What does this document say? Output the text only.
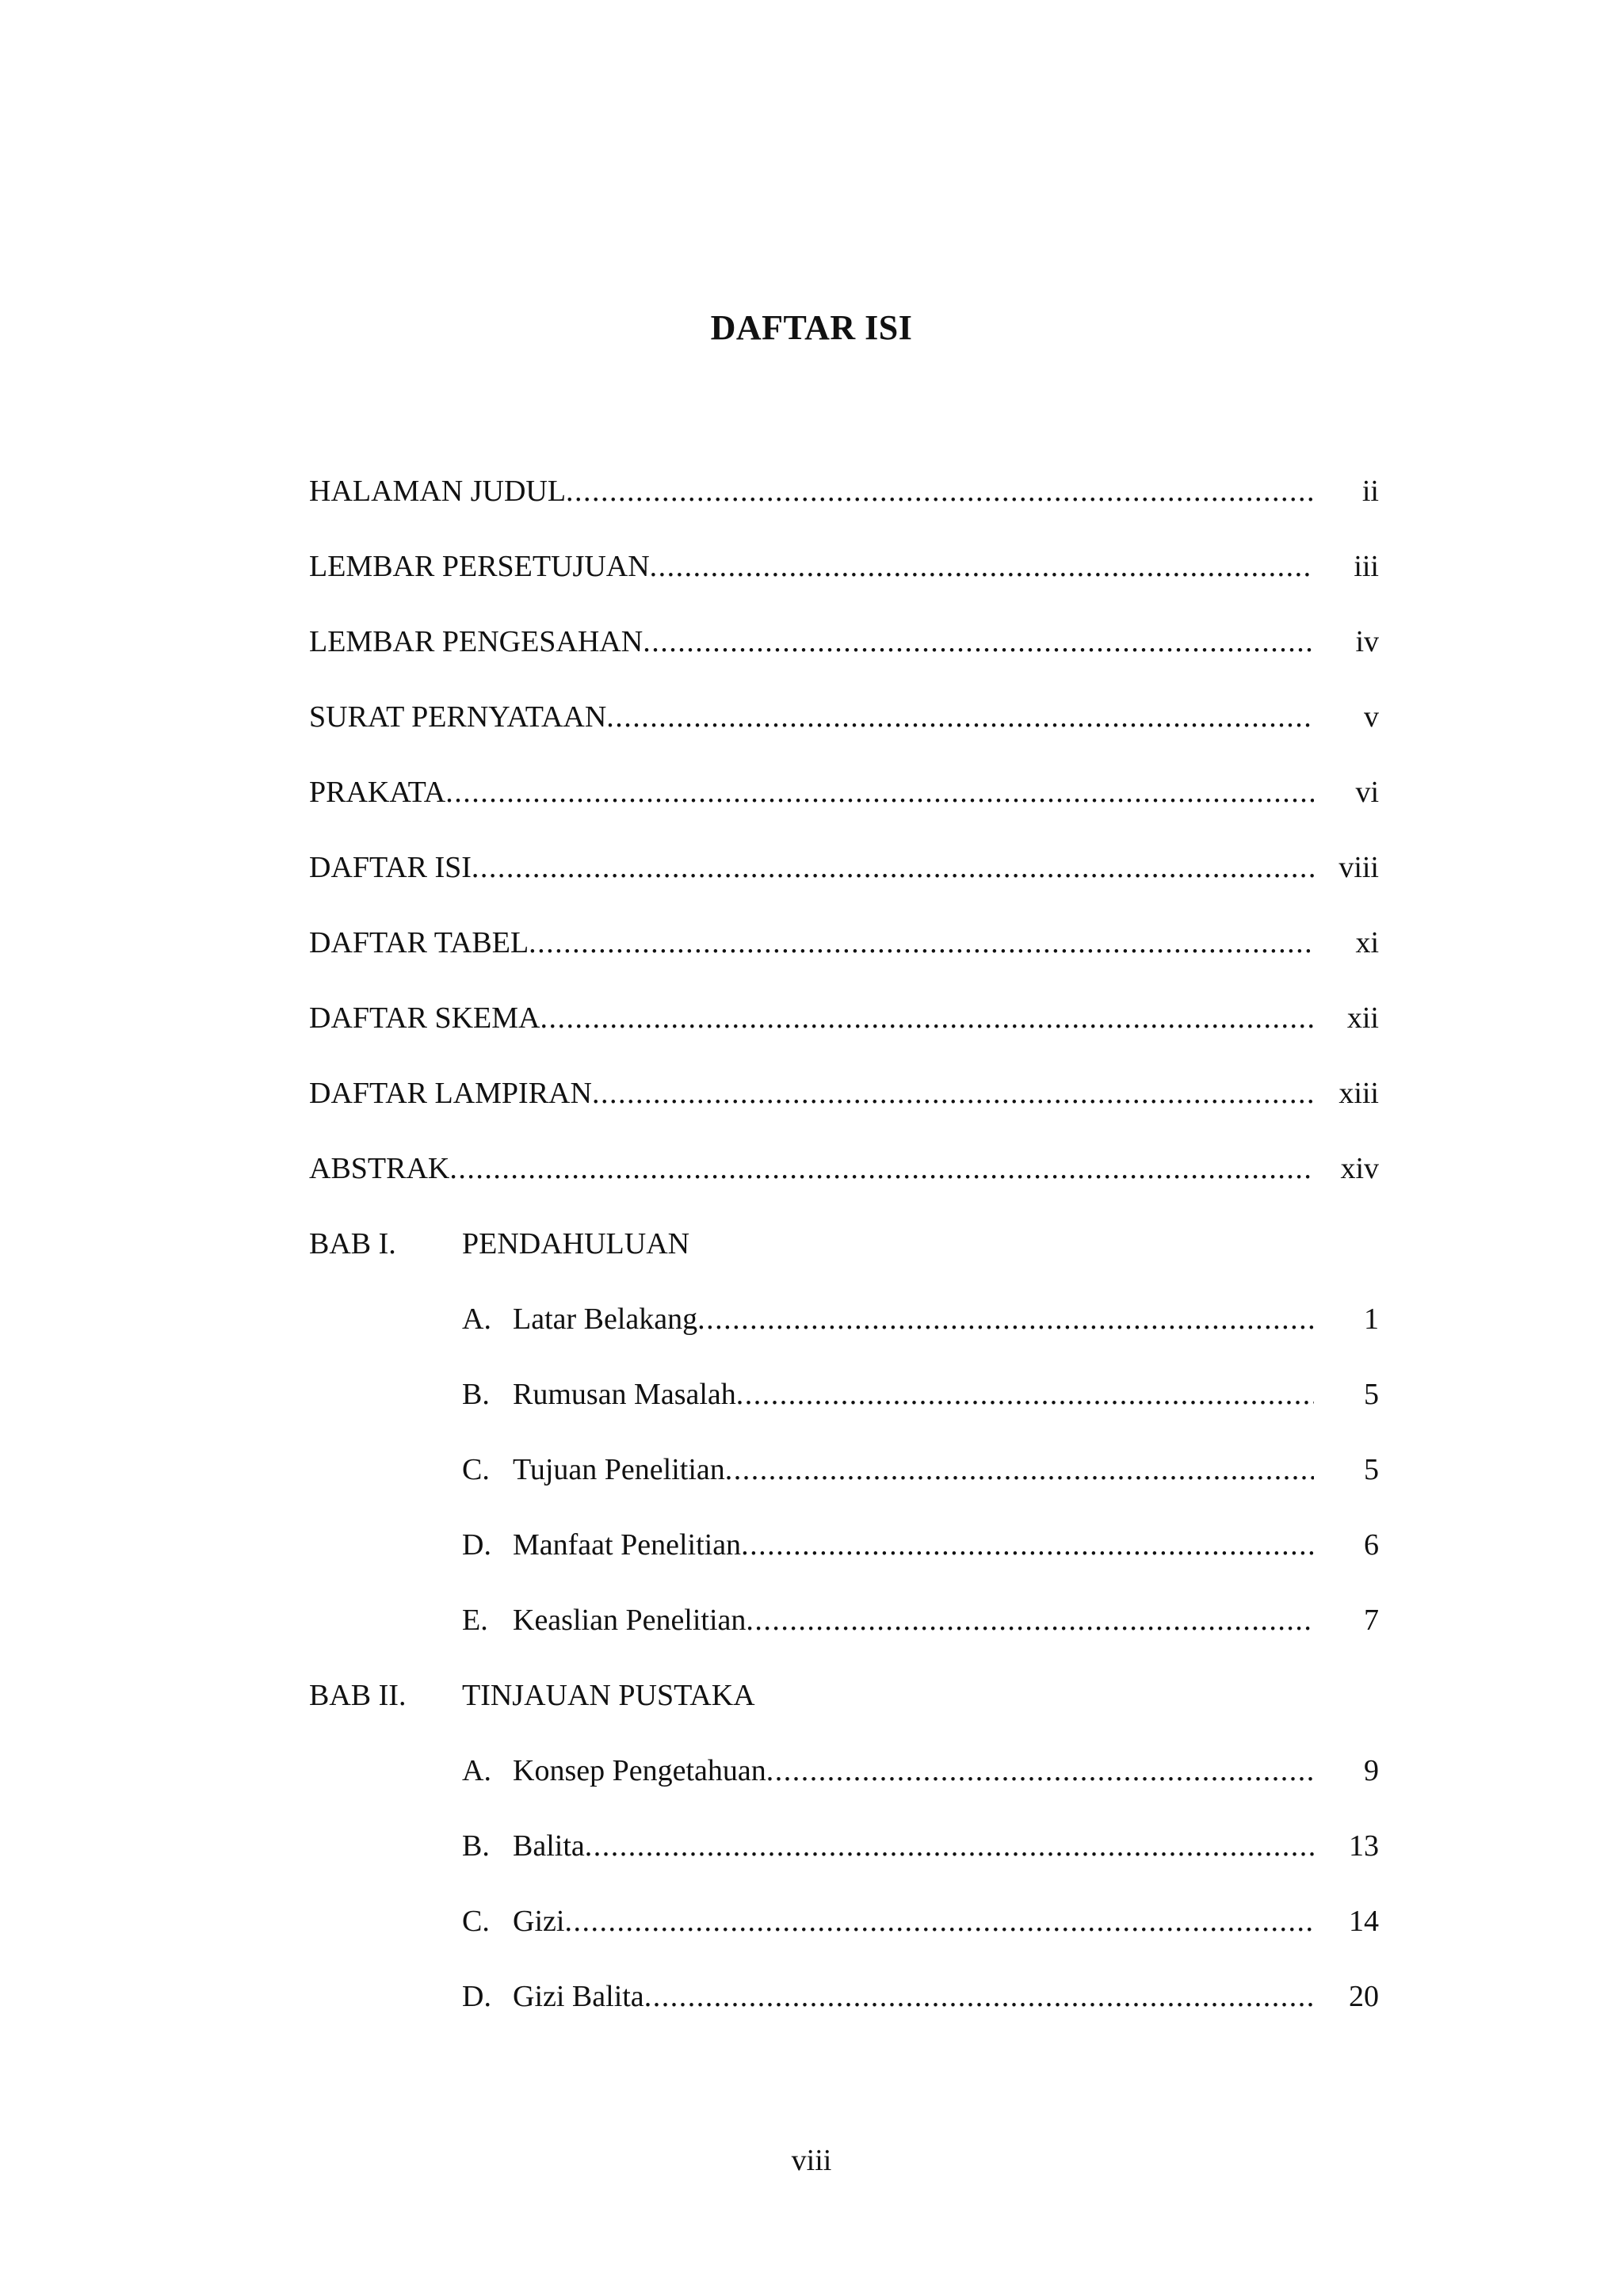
DAFTAR ISI
HALAMAN JUDUL .....	ii
LEMBAR PERSETUJUAN .....	iii
LEMBAR PENGESAHAN .....	iv
SURAT PERNYATAAN .....	v
PRAKATA .....	vi
DAFTAR ISI .....	viii
DAFTAR TABEL .....	xi
DAFTAR SKEMA .....	xii
DAFTAR LAMPIRAN .....	xiii
ABSTRAK .....	xiv
BAB I. PENDAHULUAN
A. Latar Belakang .....	1
B. Rumusan Masalah .....	5
C. Tujuan Penelitian .....	5
D. Manfaat Penelitian .....	6
E. Keaslian Penelitian .....	7
BAB II. TINJAUAN PUSTAKA
A. Konsep Pengetahuan .....	9
B. Balita .....	13
C. Gizi .....	14
D. Gizi Balita .....	20
viii
